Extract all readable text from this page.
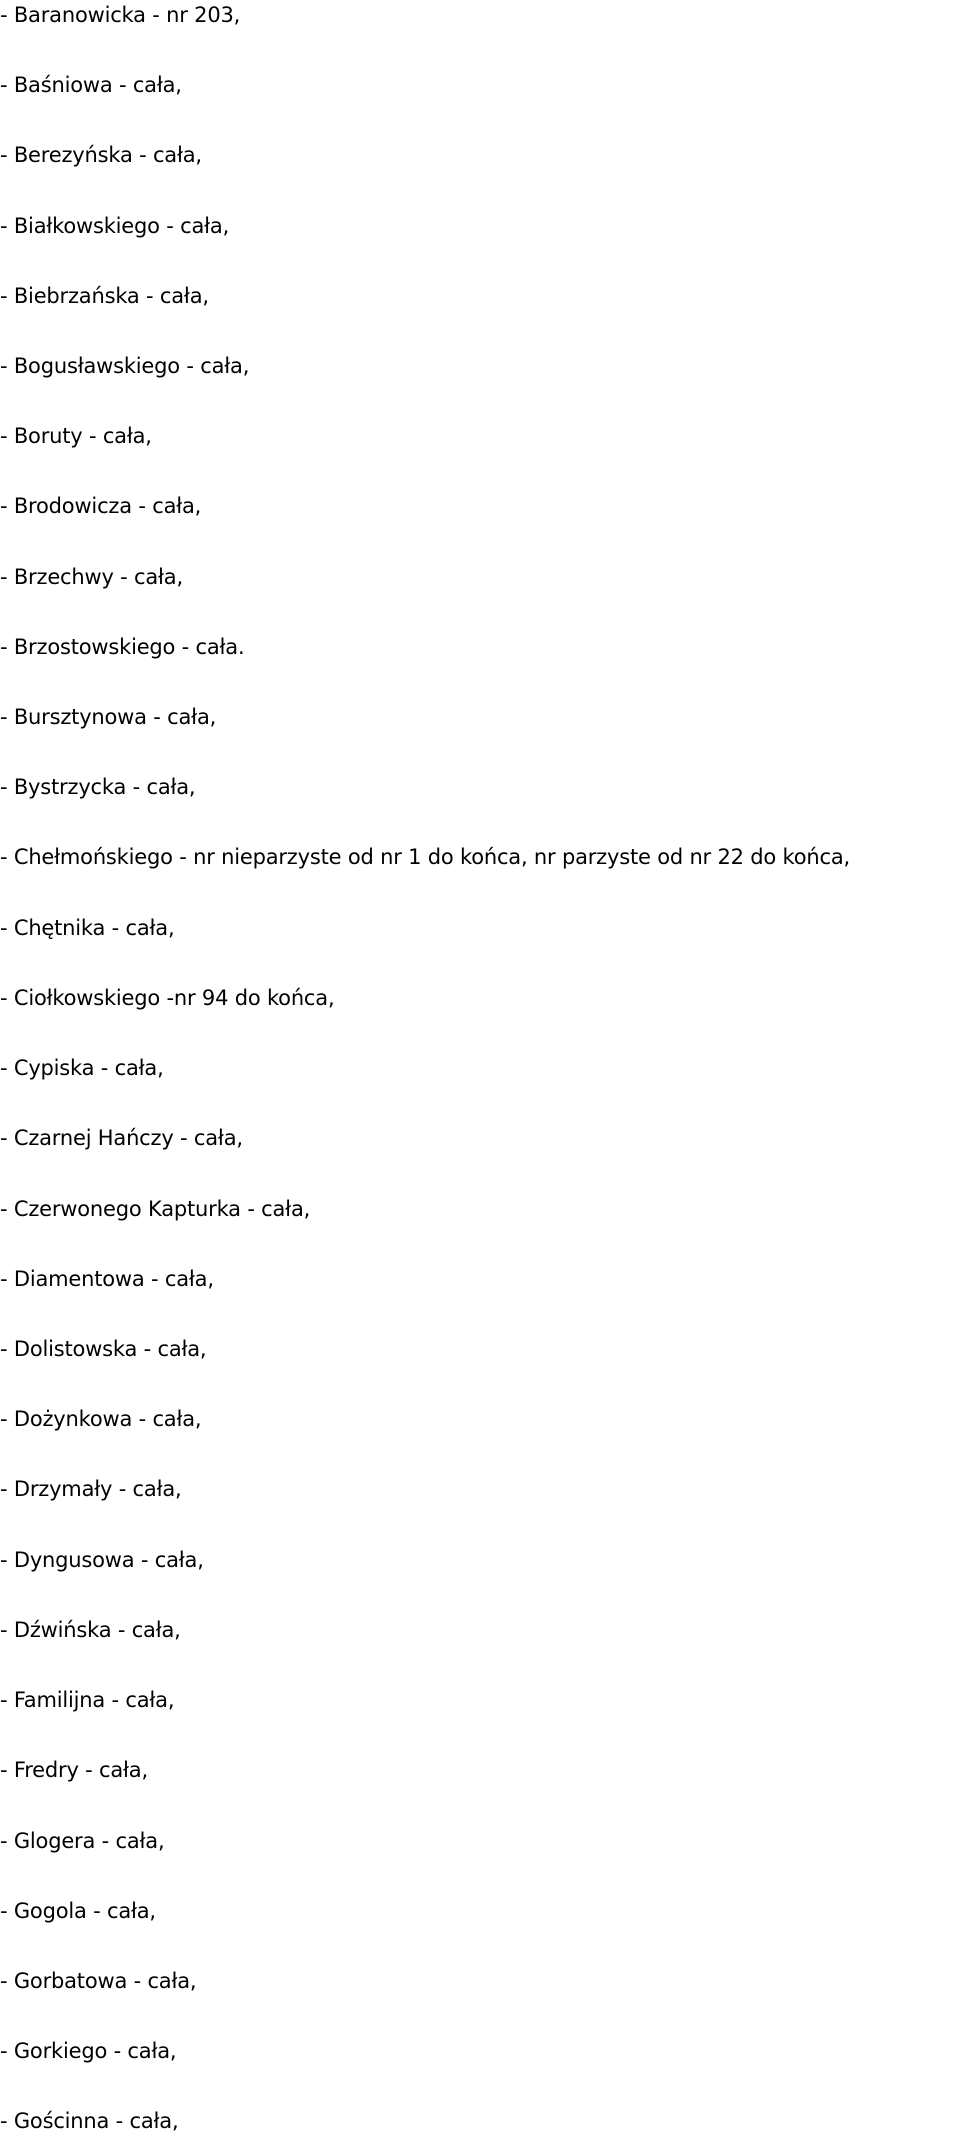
- Baranowicka - nr 203,
- Baśniowa - cała,
- Berezyńska - cała,
- Białkowskiego - cała,
- Biebrzańska - cała,
- Bogusławskiego - cała,
- Boruty - cała,
- Brodowicza - cała,
- Brzechwy - cała,
- Brzostowskiego - cała.
- Bursztynowa - cała,
- Bystrzycka - cała,
- Chełmońskiego - nr nieparzyste od nr 1 do końca, nr parzyste od nr 22 do końca,
- Chętnika - cała,
- Ciołkowskiego -nr 94 do końca,
- Cypiska - cała,
- Czarnej Hańczy - cała,
- Czerwonego Kapturka - cała,
- Diamentowa - cała,
- Dolistowska - cała,
- Dożynkowa - cała,
- Drzymały - cała,
- Dyngusowa - cała,
- Dźwińska - cała,
- Familijna - cała,
- Fredry - cała,
- Glogera - cała,
- Gogola - cała,
- Gorbatowa - cała,
- Gorkiego - cała,
- Gościnna - cała,
